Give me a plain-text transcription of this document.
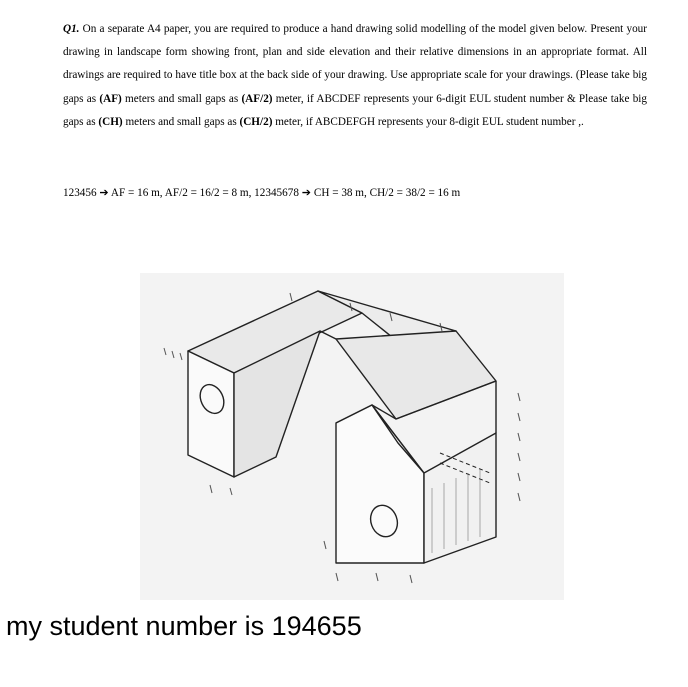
Q1. On a separate A4 paper, you are required to produce a hand drawing solid modelling of the model given below. Present your drawing in landscape form showing front, plan and side elevation and their relative dimensions in an appropriate format. All drawings are required to have title box at the back side of your drawing. Use appropriate scale for your drawings. (Please take big gaps as (AF) meters and small gaps as (AF/2) meter, if ABCDEF represents your 6-digit EUL student number & Please take big gaps as (CH) meters and small gaps as (CH/2) meter, if ABCDEFGH represents your 8-digit EUL student number ,.
123456 ➔ AF = 16 m, AF/2 = 16/2 = 8 m, 12345678 ➔ CH = 38 m, CH/2 = 38/2 = 16 m
my student number is 194655
